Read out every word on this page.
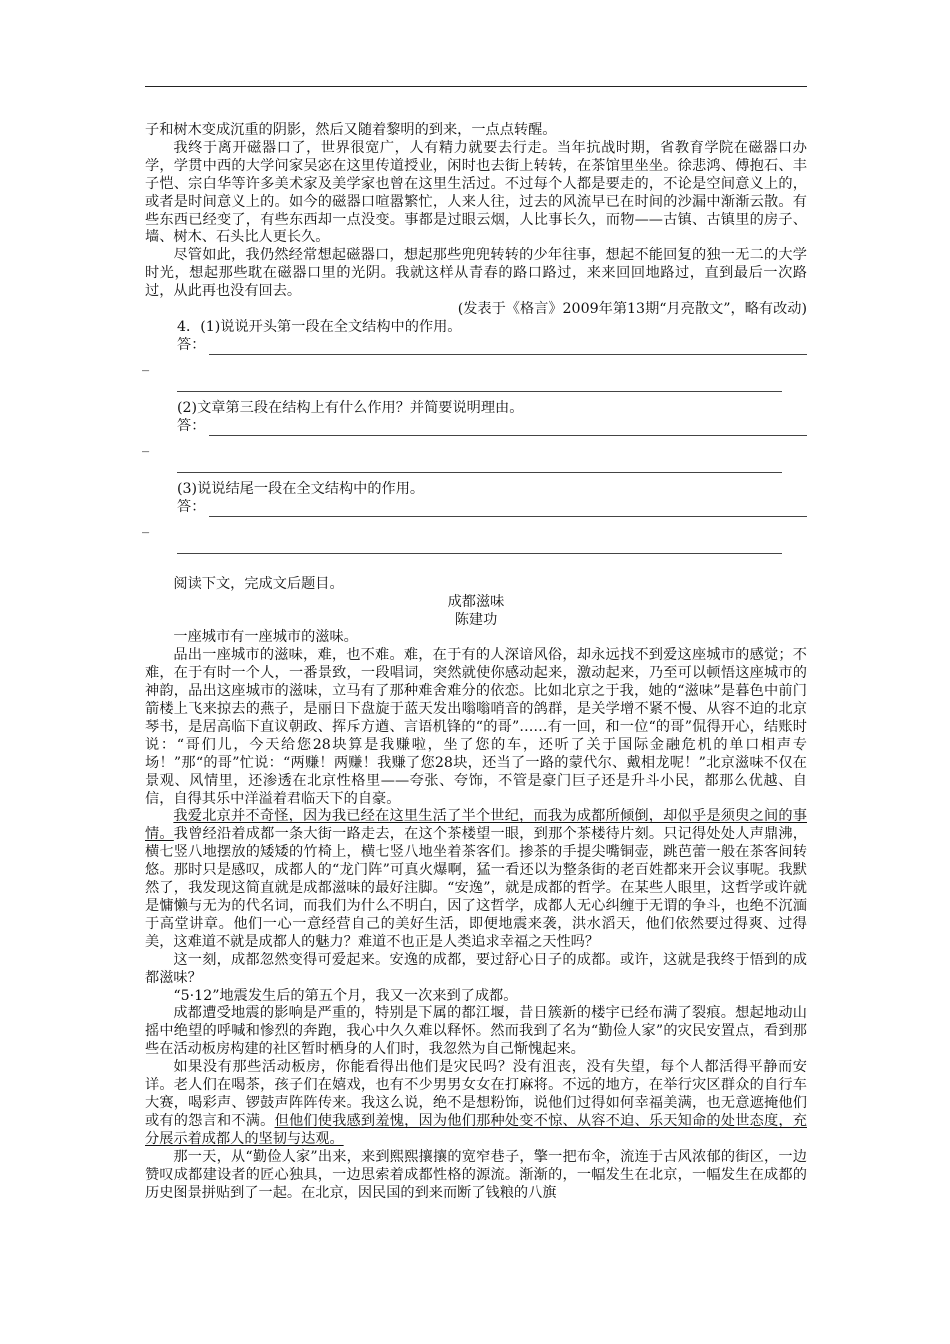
子和树木变成沉重的阴影，然后又随着黎明的到来，一点点转醒。

我终于离开磁器口了，世界很宽广，人有精力就要去行走。当年抗战时期，省教育学院在磁器口办学，学贯中西的大学问家吴宓在这里传道授业，闲时也去街上转转，在茶馆里坐坐。徐悲鸿、傅抱石、丰子恺、宗白华等许多美术家及美学家也曾在这里生活过。不过每个人都是要走的，不论是空间意义上的，或者是时间意义上的。如今的磁器口喧嚣繁忙，人来人往，过去的风流早已在时间的沙漏中渐渐云散。有些东西已经变了，有些东西却一点没变。事都是过眼云烟，人比事长久，而物——古镇、古镇里的房子、墙、树木、石头比人更长久。

尽管如此，我仍然经常想起磁器口，想起那些兜兜转转的少年往事，想起不能回复的独一无二的大学时光，想起那些耽在磁器口里的光阴。我就这样从青春的路口路过，来来回回地路过，直到最后一次路过，从此再也没有回去。

(发表于《格言》2009年第13期“月亮散文”，略有改动)

4．(1)说说开头第一段在全文结构中的作用。

答：
_

(2)文章第三段在结构上有什么作用？并简要说明理由。

答：
_

(3)说说结尾一段在全文结构中的作用。

答：
_

阅读下文，完成文后题目。

成都滋味

陈建功

一座城市有一座城市的滋味。

品出一座城市的滋味，难，也不难。难，在于有的人深谙风俗，却永远找不到爱这座城市的感觉；不难，在于有时一个人，一番景致，一段唱词，突然就使你感动起来，激动起来，乃至可以顿悟这座城市的神韵，品出这座城市的滋味，立马有了那种难舍难分的依恋。比如北京之于我，她的“滋味”是暮色中前门箭楼上飞来掠去的燕子，是丽日下盘旋于蓝天发出嗡嗡哨音的鸽群，是关学增不紧不慢、从容不迫的北京琴书，是居高临下直议朝政、挥斥方遒、言语机锋的“的哥”……有一回，和一位“的哥”侃得开心，结账时说：“哥们儿，今天给您28块算是我赚啦，坐了您的车，还听了关于国际金融危机的单口相声专场！”那“的哥”忙说：“两赚！两赚！我赚了您28块，还当了一路的蒙代尔、戴相龙呢！”北京滋味不仅在景观、风情里，还渗透在北京性格里——夸张、夸饰，不管是豪门巨子还是升斗小民，都那么优越、自信，自得其乐中洋溢着君临天下的自豪。

我爱北京并不奇怪，因为我已经在这里生活了半个世纪，而我为成都所倾倒，却似乎是须臾之间的事情。我曾经沿着成都一条大街一路走去，在这个茶楼望一眼，到那个茶楼待片刻。只记得处处人声鼎沸，横七竖八地摆放的矮矮的竹椅上，横七竖八地坐着茶客们。掺茶的手提尖嘴铜壶，跳芭蕾一般在茶客间转悠。那时只是感叹，成都人的“龙门阵”可真火爆啊，猛一看还以为整条街的老百姓都来开会议事呢。我默然了，我发现这简直就是成都滋味的最好注脚。“安逸”，就是成都的哲学。在某些人眼里，这哲学或许就是慵懒与无为的代名词，而我们为什么不明白，因了这哲学，成都人无心纠缠于无谓的争斗，也绝不沉湎于高堂讲章。他们一心一意经营自己的美好生活，即便地震来袭，洪水滔天，他们依然要过得爽、过得美，这难道不就是成都人的魅力？难道不也正是人类追求幸福之天性吗？

这一刻，成都忽然变得可爱起来。安逸的成都，要过舒心日子的成都。或许，这就是我终于悟到的成都滋味？

“5·12”地震发生后的第五个月，我又一次来到了成都。

成都遭受地震的影响是严重的，特别是下属的都江堰，昔日簇新的楼宇已经布满了裂痕。想起地动山摇中绝望的呼喊和惨烈的奔跑，我心中久久难以释怀。然而我到了名为“勤俭人家”的灾民安置点，看到那些在活动板房构建的社区暂时栖身的人们时，我忽然为自己惭愧起来。

如果没有那些活动板房，你能看得出他们是灾民吗？没有沮丧，没有失望，每个人都活得平静而安详。老人们在喝茶，孩子们在嬉戏，也有不少男男女女在打麻将。不远的地方，在举行灾区群众的自行车大赛，喝彩声、锣鼓声阵阵传来。我这么说，绝不是想粉饰，说他们过得如何幸福美满，也无意遮掩他们或有的怨言和不满。但他们使我感到羞愧，因为他们那种处变不惊、从容不迫、乐天知命的处世态度，充分展示着成都人的坚韧与达观。

那一天，从“勤俭人家”出来，来到熙熙攘攘的宽窄巷子，擎一把布伞，流连于古风浓郁的街区，一边赞叹成都建设者的匠心独具，一边思索着成都性格的源流。渐渐的，一幅发生在北京，一幅发生在成都的历史图景拼贴到了一起。在北京，因民国的到来而断了钱粮的八旗
